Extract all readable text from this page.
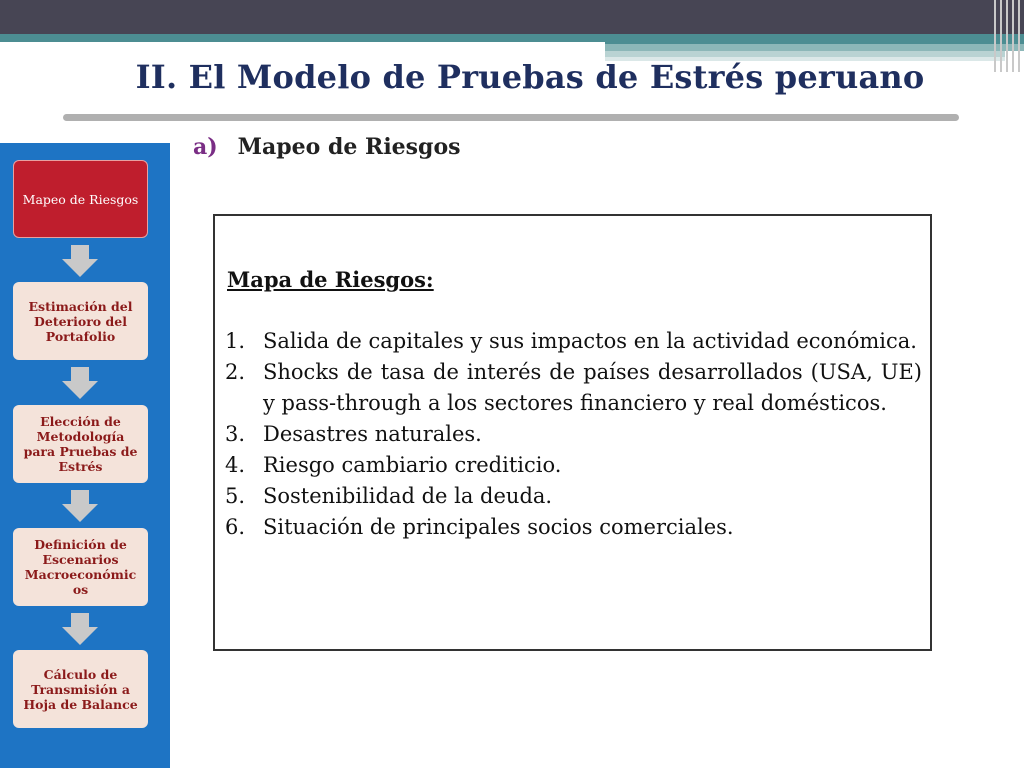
II. El Modelo de Pruebas de Estrés peruano
Mapeo de Riesgos
Estimación del Deterioro del Portafolio
Elección de Metodología para Pruebas de Estrés
Definición de Escenarios Macroeconómic os
Cálculo de Transmisión a Hoja de Balance
a) Mapeo de Riesgos
Mapa de Riesgos:
1. Salida de capitales y sus impactos en la actividad económica.
2. Shocks de tasa de interés de países desarrollados (USA, UE) y pass-through a los sectores financiero y real domésticos.
3. Desastres naturales.
4. Riesgo cambiario crediticio.
5. Sostenibilidad de la deuda.
6. Situación de principales socios comerciales.
